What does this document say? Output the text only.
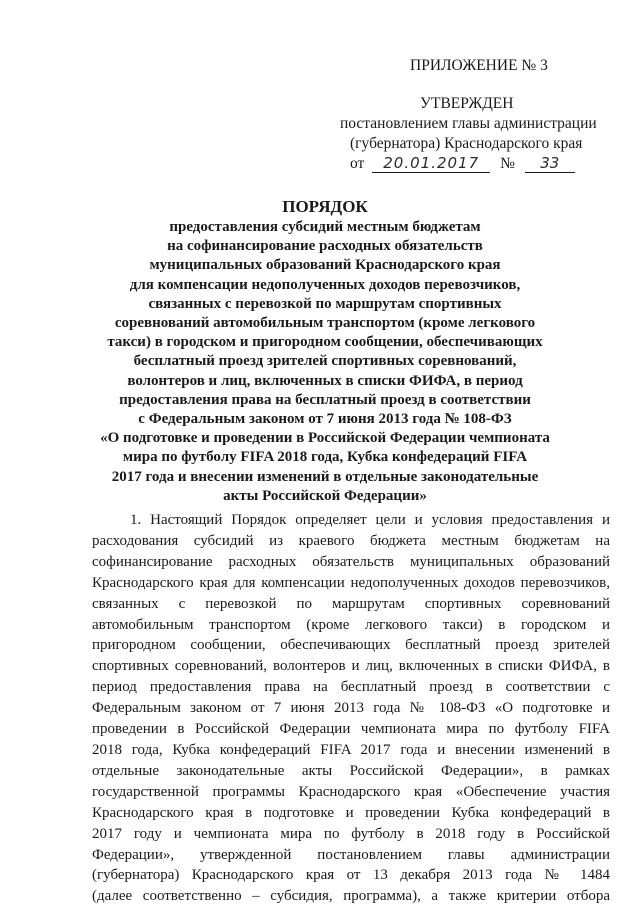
ПРИЛОЖЕНИЕ № 3
УТВЕРЖДЕН
постановлением главы администрации
(губернатора) Краснодарского края
от 20.01.2017 № 33
ПОРЯДОК
предоставления субсидий местным бюджетам
на софинансирование расходных обязательств
муниципальных образований Краснодарского края
для компенсации недополученных доходов перевозчиков,
связанных с перевозкой по маршрутам спортивных
соревнований автомобильным транспортом (кроме легкового
такси) в городском и пригородном сообщении, обеспечивающих
бесплатный проезд зрителей спортивных соревнований,
волонтеров и лиц, включенных в списки ФИФА, в период
предоставления права на бесплатный проезд в соответствии
с Федеральным законом от 7 июня 2013 года № 108-ФЗ
«О подготовке и проведении в Российской Федерации чемпионата
мира по футболу FIFA 2018 года, Кубка конфедераций FIFA
2017 года и внесении изменений в отдельные законодательные
акты Российской Федерации»
1. Настоящий Порядок определяет цели и условия предоставления и
расходования субсидий из краевого бюджета местным бюджетам на
софинансирование расходных обязательств муниципальных образований
Краснодарского края для компенсации недополученных доходов перевозчиков,
связанных с перевозкой по маршрутам спортивных соревнований
автомобильным транспортом (кроме легкового такси) в городском и
пригородном сообщении, обеспечивающих бесплатный проезд зрителей
спортивных соревнований, волонтеров и лиц, включенных в списки ФИФА, в
период предоставления права на бесплатный проезд в соответствии с
Федеральным законом от 7 июня 2013 года № 108-ФЗ «О подготовке и
проведении в Российской Федерации чемпионата мира по футболу FIFA
2018 года, Кубка конфедераций FIFA 2017 года и внесении изменений в
отдельные законодательные акты Российской Федерации», в рамках
государственной программы Краснодарского края «Обеспечение участия
Краснодарского края в подготовке и проведении Кубка конфедераций в
2017 году и чемпионата мира по футболу в 2018 году в Российской
Федерации», утвержденной постановлением главы администрации
(губернатора) Краснодарского края от 13 декабря 2013 года № 1484
(далее соответственно – субсидия, программа), а также критерии отбора
